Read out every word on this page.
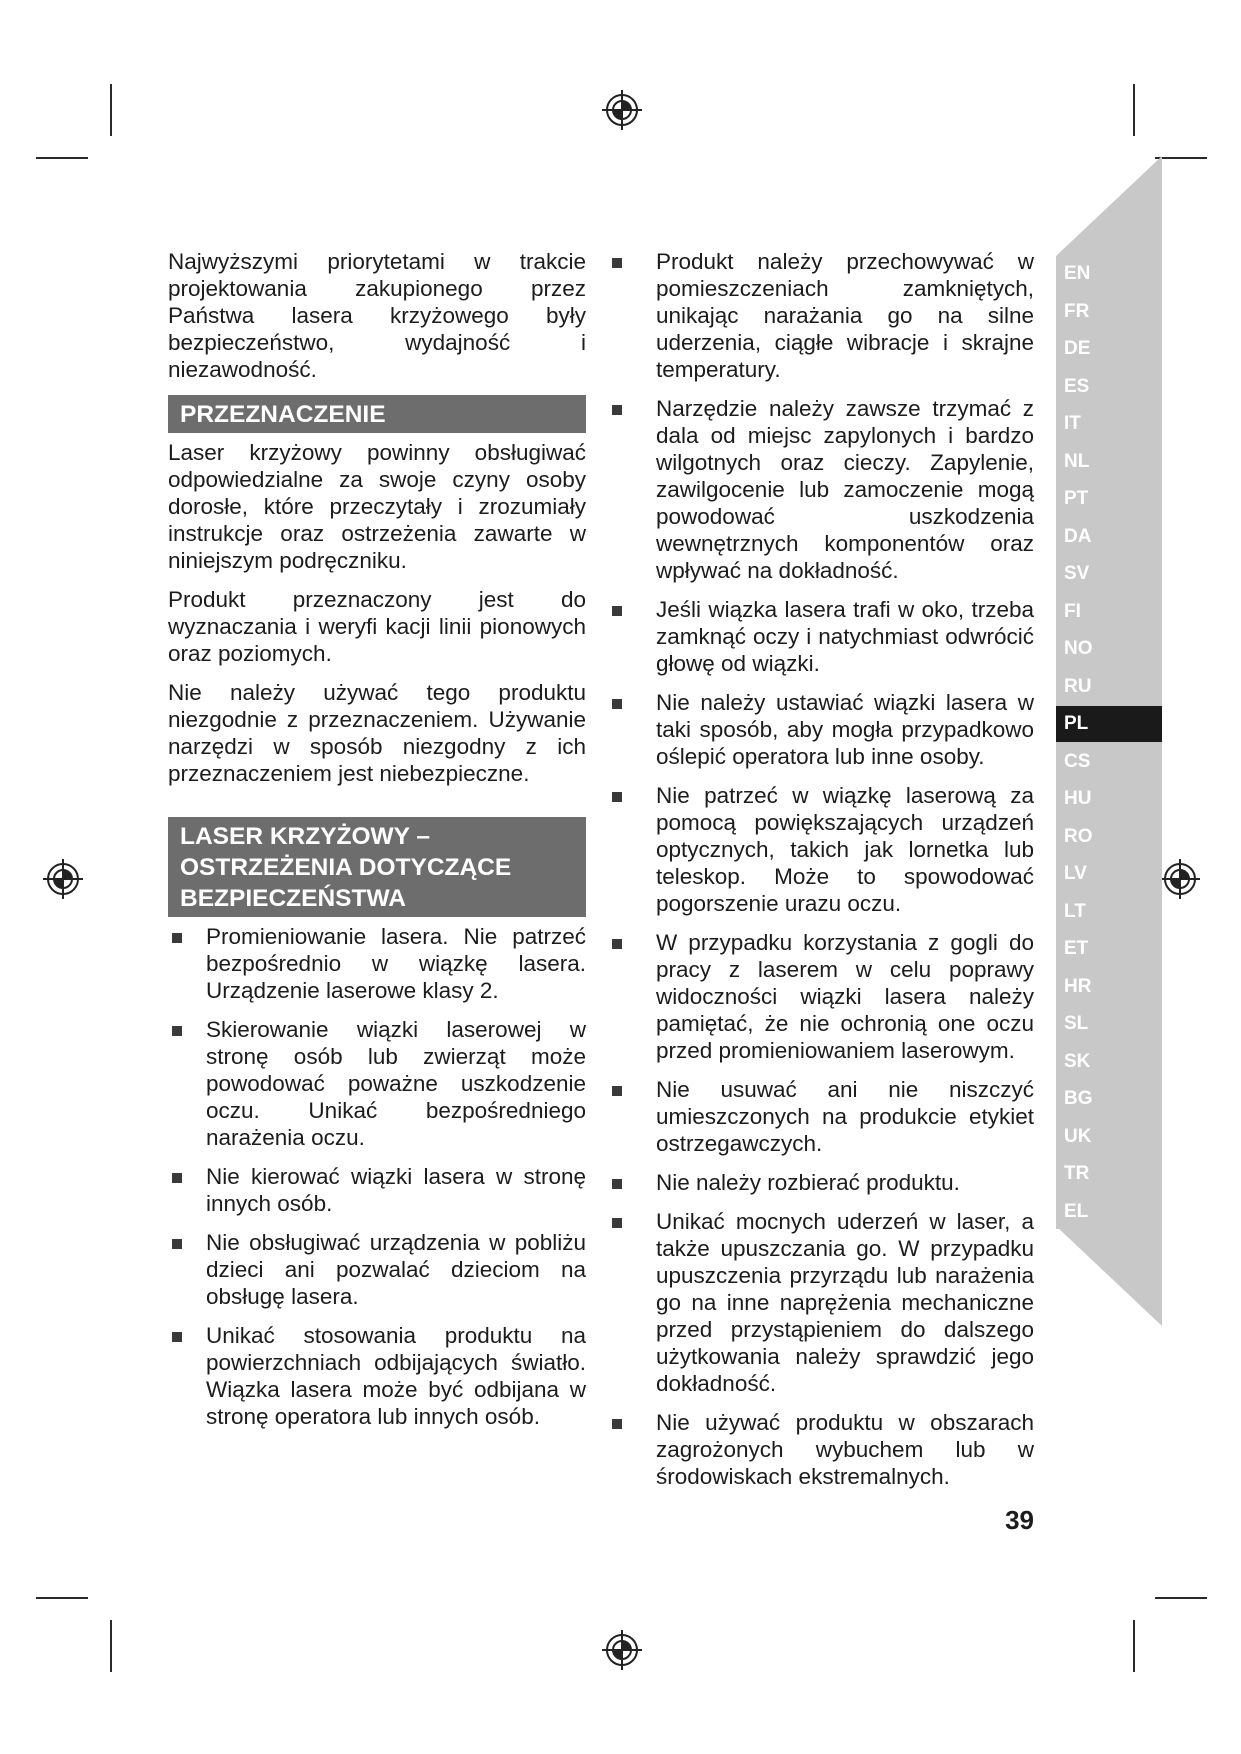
Najwyższymi priorytetami w trakcie projektowania zakupionego przez Państwa lasera krzyżowego były bezpieczeństwo, wydajność i niezawodność.

PRZEZNACZENIE

Laser krzyżowy powinny obsługiwać odpowiedzialne za swoje czyny osoby dorosłe, które przeczytały i zrozumiały instrukcje oraz ostrzeżenia zawarte w niniejszym podręczniku.

Produkt przeznaczony jest do wyznaczania i weryfi kacji linii pionowych oraz poziomych.

Nie należy używać tego produktu niezgodnie z przeznaczeniem. Używanie narzędzi w sposób niezgodny z ich przeznaczeniem jest niebezpieczne.

LASER KRZYŻOWY – OSTRZEŻENIA DOTYCZĄCE BEZPIECZEŃSTWA
Promieniowanie lasera. Nie patrzeć bezpośrednio w wiązkę lasera. Urządzenie laserowe klasy 2.
Skierowanie wiązki laserowej w stronę osób lub zwierząt może powodować poważne uszkodzenie oczu. Unikać bezpośredniego narażenia oczu.
Nie kierować wiązki lasera w stronę innych osób.
Nie obsługiwać urządzenia w pobliżu dzieci ani pozwalać dzieciom na obsługę lasera.
Unikać stosowania produktu na powierzchniach odbijających światło. Wiązka lasera może być odbijana w stronę operatora lub innych osób.
Produkt należy przechowywać w pomieszczeniach zamkniętych, unikając narażania go na silne uderzenia, ciągłe wibracje i skrajne temperatury.
Narzędzie należy zawsze trzymać z dala od miejsc zapylonych i bardzo wilgotnych oraz cieczy. Zapylenie, zawilgocenie lub zamoczenie mogą powodować uszkodzenia wewnętrznych komponentów oraz wpływać na dokładność.
Jeśli wiązka lasera trafi w oko, trzeba zamknąć oczy i natychmiast odwrócić głowę od wiązki.
Nie należy ustawiać wiązki lasera w taki sposób, aby mogła przypadkowo oślepić operatora lub inne osoby.
Nie patrzeć w wiązkę laserową za pomocą powiększających urządzeń optycznych, takich jak lornetka lub teleskop. Może to spowodować pogorszenie urazu oczu.
W przypadku korzystania z gogli do pracy z laserem w celu poprawy widoczności wiązki lasera należy pamiętać, że nie ochronią one oczu przed promieniowaniem laserowym.
Nie usuwać ani nie niszczyć umieszczonych na produkcie etykiet ostrzegawczych.
Nie należy rozbierać produktu.
Unikać mocnych uderzeń w laser, a także upuszczania go. W przypadku upuszczenia przyrządu lub narażenia go na inne naprężenia mechaniczne przed przystąpieniem do dalszego użytkowania należy sprawdzić jego dokładność.
Nie używać produktu w obszarach zagrożonych wybuchem lub w środowiskach ekstremalnych.
EN
FR
DE
ES
IT
NL
PT
DA
SV
FI
NO
RU
PL
CS
HU
RO
LV
LT
ET
HR
SL
SK
BG
UK
TR
EL
39
